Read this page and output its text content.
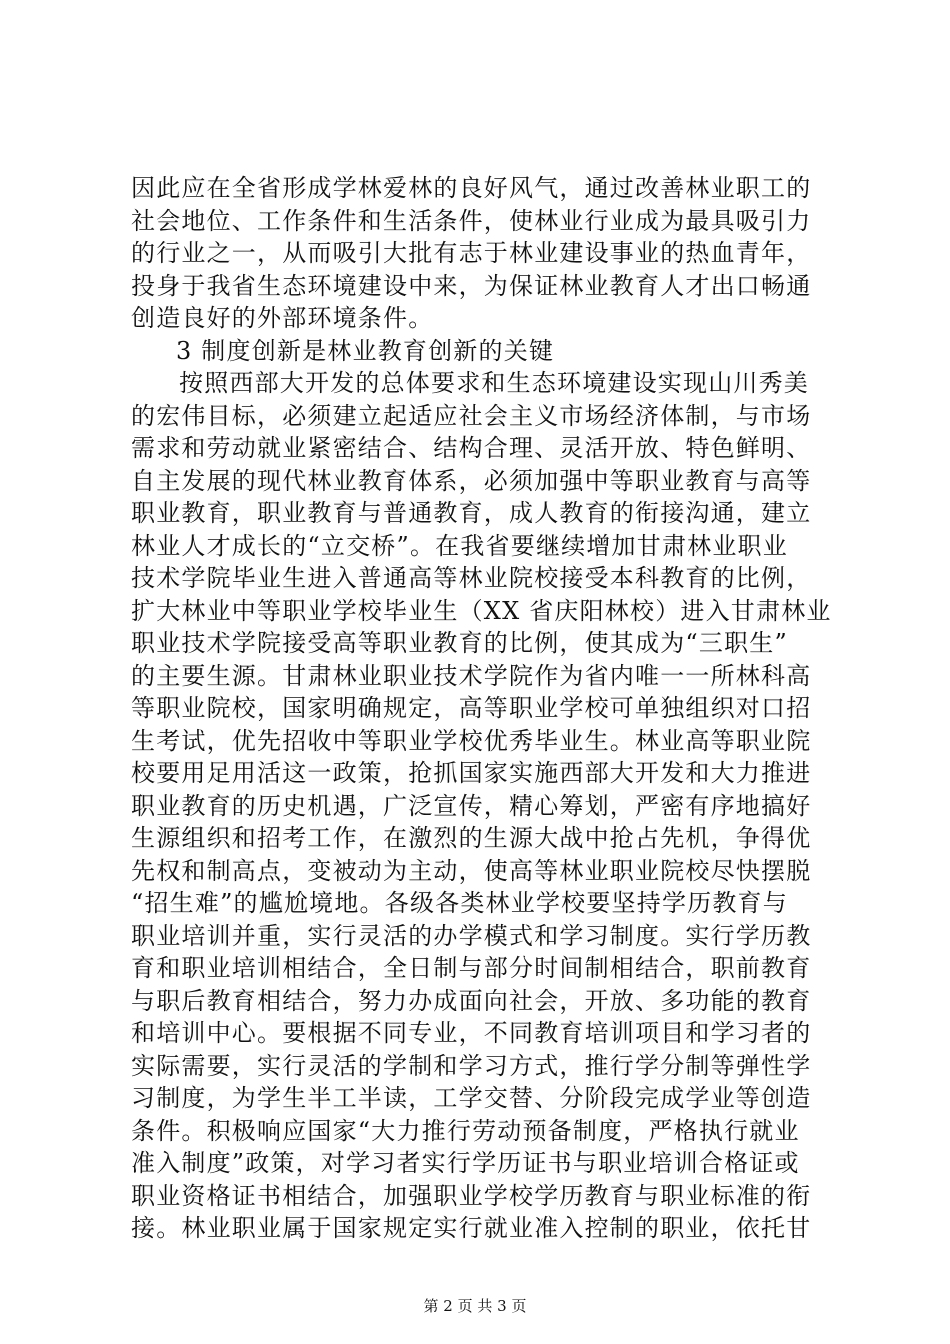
因此应在全省形成学林爱林的良好风气，通过改善林业职工的
社会地位、工作条件和生活条件，使林业行业成为最具吸引力
的行业之一，从而吸引大批有志于林业建设事业的热血青年，
投身于我省生态环境建设中来，为保证林业教育人才出口畅通
创造良好的外部环境条件。
3 制度创新是林业教育创新的关键
按照西部大开发的总体要求和生态环境建设实现山川秀美
的宏伟目标，必须建立起适应社会主义市场经济体制，与市场
需求和劳动就业紧密结合、结构合理、灵活开放、特色鲜明、
自主发展的现代林业教育体系，必须加强中等职业教育与高等
职业教育，职业教育与普通教育，成人教育的衔接沟通，建立
林业人才成长的“立交桥”。在我省要继续增加甘肃林业职业
技术学院毕业生进入普通高等林业院校接受本科教育的比例，
扩大林业中等职业学校毕业生（XX 省庆阳林校）进入甘肃林业
职业技术学院接受高等职业教育的比例，使其成为“三职生”
的主要生源。甘肃林业职业技术学院作为省内唯一一所林科高
等职业院校，国家明确规定，高等职业学校可单独组织对口招
生考试，优先招收中等职业学校优秀毕业生。林业高等职业院
校要用足用活这一政策，抢抓国家实施西部大开发和大力推进
职业教育的历史机遇，广泛宣传，精心筹划，严密有序地搞好
生源组织和招考工作，在激烈的生源大战中抢占先机，争得优
先权和制高点，变被动为主动，使高等林业职业院校尽快摆脱
“招生难”的尴尬境地。各级各类林业学校要坚持学历教育与
职业培训并重，实行灵活的办学模式和学习制度。实行学历教
育和职业培训相结合，全日制与部分时间制相结合，职前教育
与职后教育相结合，努力办成面向社会，开放、多功能的教育
和培训中心。要根据不同专业，不同教育培训项目和学习者的
实际需要，实行灵活的学制和学习方式，推行学分制等弹性学
习制度，为学生半工半读，工学交替、分阶段完成学业等创造
条件。积极响应国家“大力推行劳动预备制度，严格执行就业
准入制度”政策，对学习者实行学历证书与职业培训合格证或
职业资格证书相结合，加强职业学校学历教育与职业标准的衔
接。林业职业属于国家规定实行就业准入控制的职业，依托甘
第 2 页 共 3 页
